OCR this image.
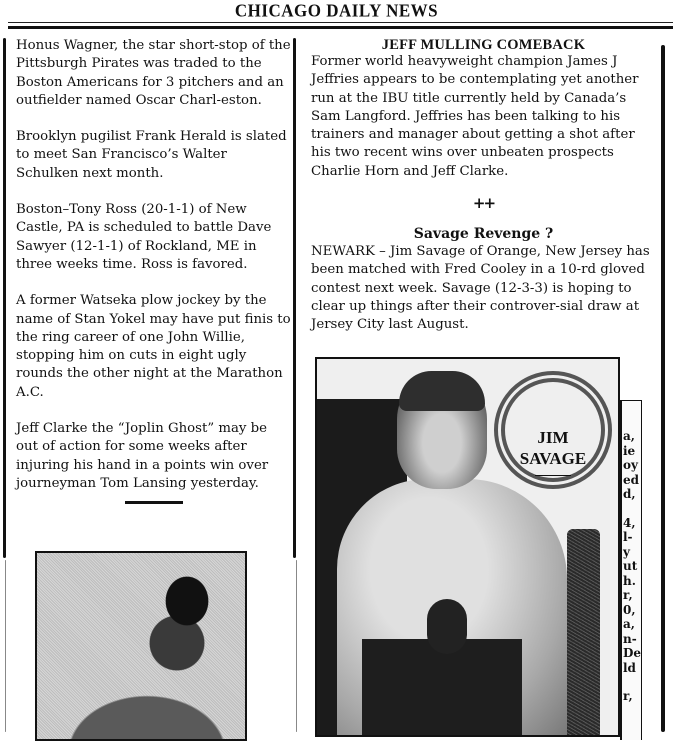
CHICAGO DAILY NEWS

Honus Wagner, the star short-stop of the Pittsburgh Pirates was traded to the Boston Americans for 3 pitchers and an outfielder named Oscar Charl-eston.

Brooklyn pugilist Frank Herald is slated to meet San Francisco’s Walter Schulken next month.

Boston–Tony Ross (20-1-1) of New Castle, PA is scheduled to battle Dave Sawyer (12-1-1) of Rockland, ME in three weeks time. Ross is favored.

A former Watseka plow jockey by the name of Stan Yokel may have put finis to the ring career of one John Willie, stopping him on cuts in eight ugly rounds the other night at the Marathon A.C.

Jeff Clarke the “Joplin Ghost” may be out of action for some weeks after injuring his hand in a points win over journeyman Tom Lansing yesterday.

JEFF MULLING COMEBACK

Former world heavyweight champion James J Jeffries appears to be contemplating yet another run at the IBU title currently held by Canada’s Sam Langford. Jeffries has been talking to his trainers and manager about getting a shot after his two recent wins over unbeaten prospects Charlie Horn and Jeff Clarke.

++
Savage Revenge ?

NEWARK – Jim Savage of Orange, New Jersey has been matched with Fred Cooley in a 10-rd gloved contest next week. Savage (12-3-3) is hoping to clear up things after their controver-sial draw at Jersey City last August.

JIM
SAVAGE
a,
ie
oy
ed
d,
4,
l-
y
ut
h.
r,
0,
a,
n-
De
ld
r,
